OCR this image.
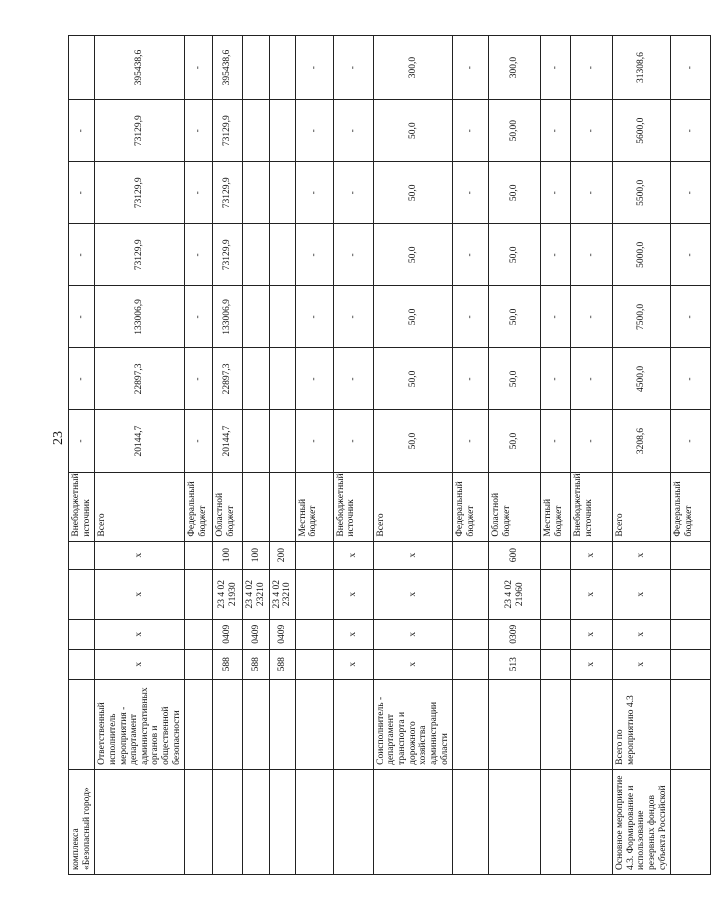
23
комплекса «Безопасный город»						Внебюджетный источник	-	-	-	-	-	-	
	Ответственный исполнитель мероприятия - департамент административных органов и общественной безопасности	x	x	x	x	Всего	20144,7	22897,3	133006,9	73129,9	73129,9	73129,9	395438,6
						Федеральный бюджет	-	-	-	-	-	-	-
		588	0409	23 4 02 21930	100	Областной бюджет	20144,7	22897,3	133006,9	73129,9	73129,9	73129,9	395438,6
		588	0409	23 4 02 23210	100								
		588	0409	23 4 02 23210	200								
						Местный бюджет	-	-	-	-	-	-	-
		x	x	x	x	Внебюджетный источник	-	-	-	-	-	-	-
	Соисполнитель - департамент транспорта и дорожного хозяйства администрации области	x	x	x	x	Всего	50,0	50,0	50,0	50,0	50,0	50,0	300,0
						Федеральный бюджет	-	-	-	-	-	-	-
		513	0309	23 4 02 21960	600	Областной бюджет	50,0	50,0	50,0	50,0	50,0	50,00	300,0
						Местный бюджет	-	-	-	-	-	-	-
		x	x	x	x	Внебюджетный источник	-	-	-	-	-	-	-
Основное мероприятие 4.3. Формирование и использование резервных фондов субъекта Российской	Всего по мероприятию 4.3	x	x	x	x	Всего	3208,6	4500,0	7500,0	5000,0	5500,0	5600,0	31308,6
						Федеральный бюджет	-	-	-	-	-	-	-
